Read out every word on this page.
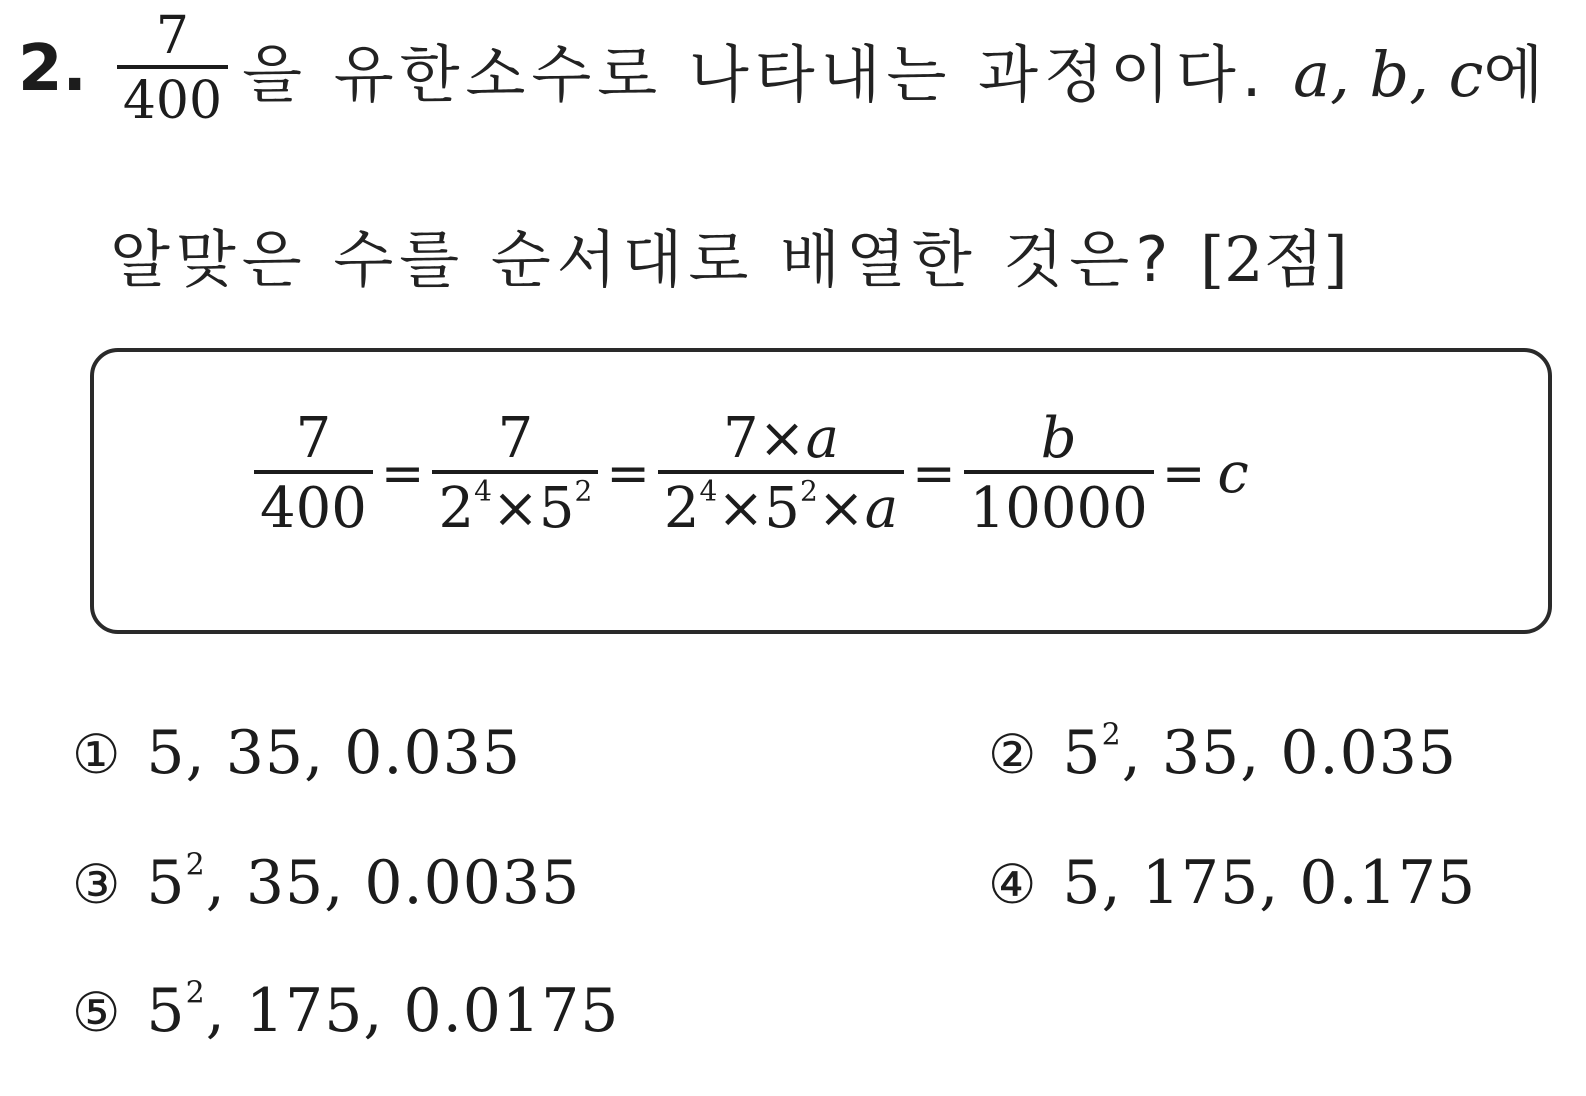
2. $\frac{7}{400}$ 을 유한소수로 나타내는 과정이다. a, b, c에
알맞은 수를 순서대로 배열한 것은? [2점]
$\frac{7}{400} = \frac{7}{2^4\times 5^2} = \frac{7\times a}{2^4\times 5^2\times a} = \frac{b}{10000} = c$
① 5, 35, 0.035	② $5^2$, 35, 0.035
③ $5^2$, 35, 0.0035	④ 5, 175, 0.175
⑤ $5^2$, 175, 0.0175
